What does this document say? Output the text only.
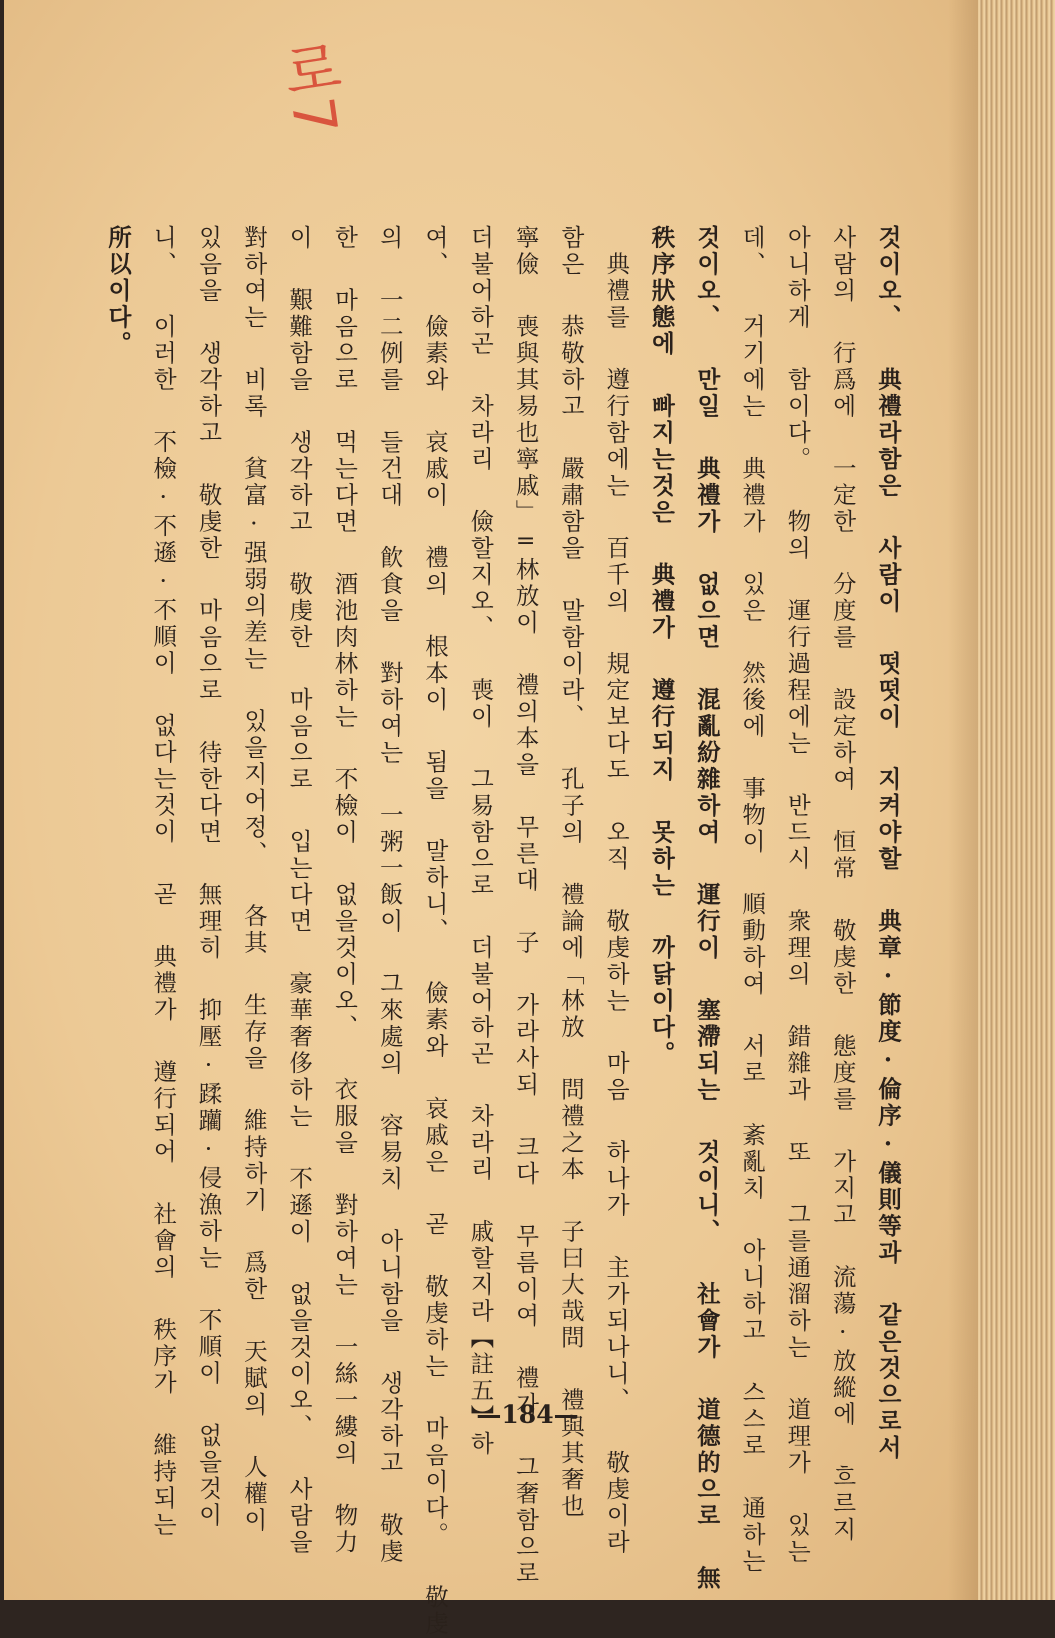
로7
것이오、 典禮라함은 사람이 떳떳이 지켜야할 典章·節度·倫序·儀則等과 같은것으로서
사람의 行爲에 一定한 分度를 設定하여 恒常 敬虔한 態度를 가지고 流蕩·放縱에 흐르지
아니하게 함이다。 物의 運行過程에는 반드시 衆理의 錯雜과 또 그를通溜하는 道理가 있는
데、 거기에는 典禮가 있은 然後에 事物이 順動하여 서로 紊亂치 아니하고 스스로 通하는
것이오、 만일 典禮가 없으면 混亂紛雜하여 運行이 塞滯되는 것이니、 社會가 道德的으로 無
秩序狀態에 빠지는것은 典禮가 遵行되지 못하는 까닭이다。
　典禮를 遵行함에는 百千의 規定보다도 오직 敬虔하는 마음 하나가 主가되나니、 敬虔이라
함은 恭敬하고 嚴肅함을 말함이라、 孔子의 禮論에「林放 問禮之本 子曰大哉問 禮與其奢也
寧儉 喪與其易也寧戚」=林放이 禮의本을 무른대 子 가라사되 크다 무름이여 禮가 그奢함으로
더불어하곤 차라리 儉할지오、 喪이 그易함으로 더불어하곤 차라리 戚할지라【註五】하
여、 儉素와 哀戚이 禮의 根本이 됨을 말하니、 儉素와 哀戚은 곧 敬虔하는 마음이다。 敬虔
의 一二例를 들건대 飮食을 對하여는 一粥一飯이 그來處의 容易치 아니함을 생각하고 敬虔
한 마음으로 먹는다면 酒池肉林하는 不檢이 없을것이오、 衣服을 對하여는 一絲一縷의 物力
이 艱難함을 생각하고 敬虔한 마음으로 입는다면 豪華奢侈하는 不遜이 없을것이오、 사람을
對하여는 비록 貧富·强弱의差는 있을지어정、 各其 生存을 維持하기 爲한 天賦의 人權이
있음을 생각하고 敬虔한 마음으로 待한다면 無理히 抑壓·蹂躪·侵漁하는 不順이 없을것이
니、 이러한 不檢·不遜·不順이 없다는것이 곧 典禮가 遵行되어 社會의 秩序가 維持되는
所以이다。
—184—
